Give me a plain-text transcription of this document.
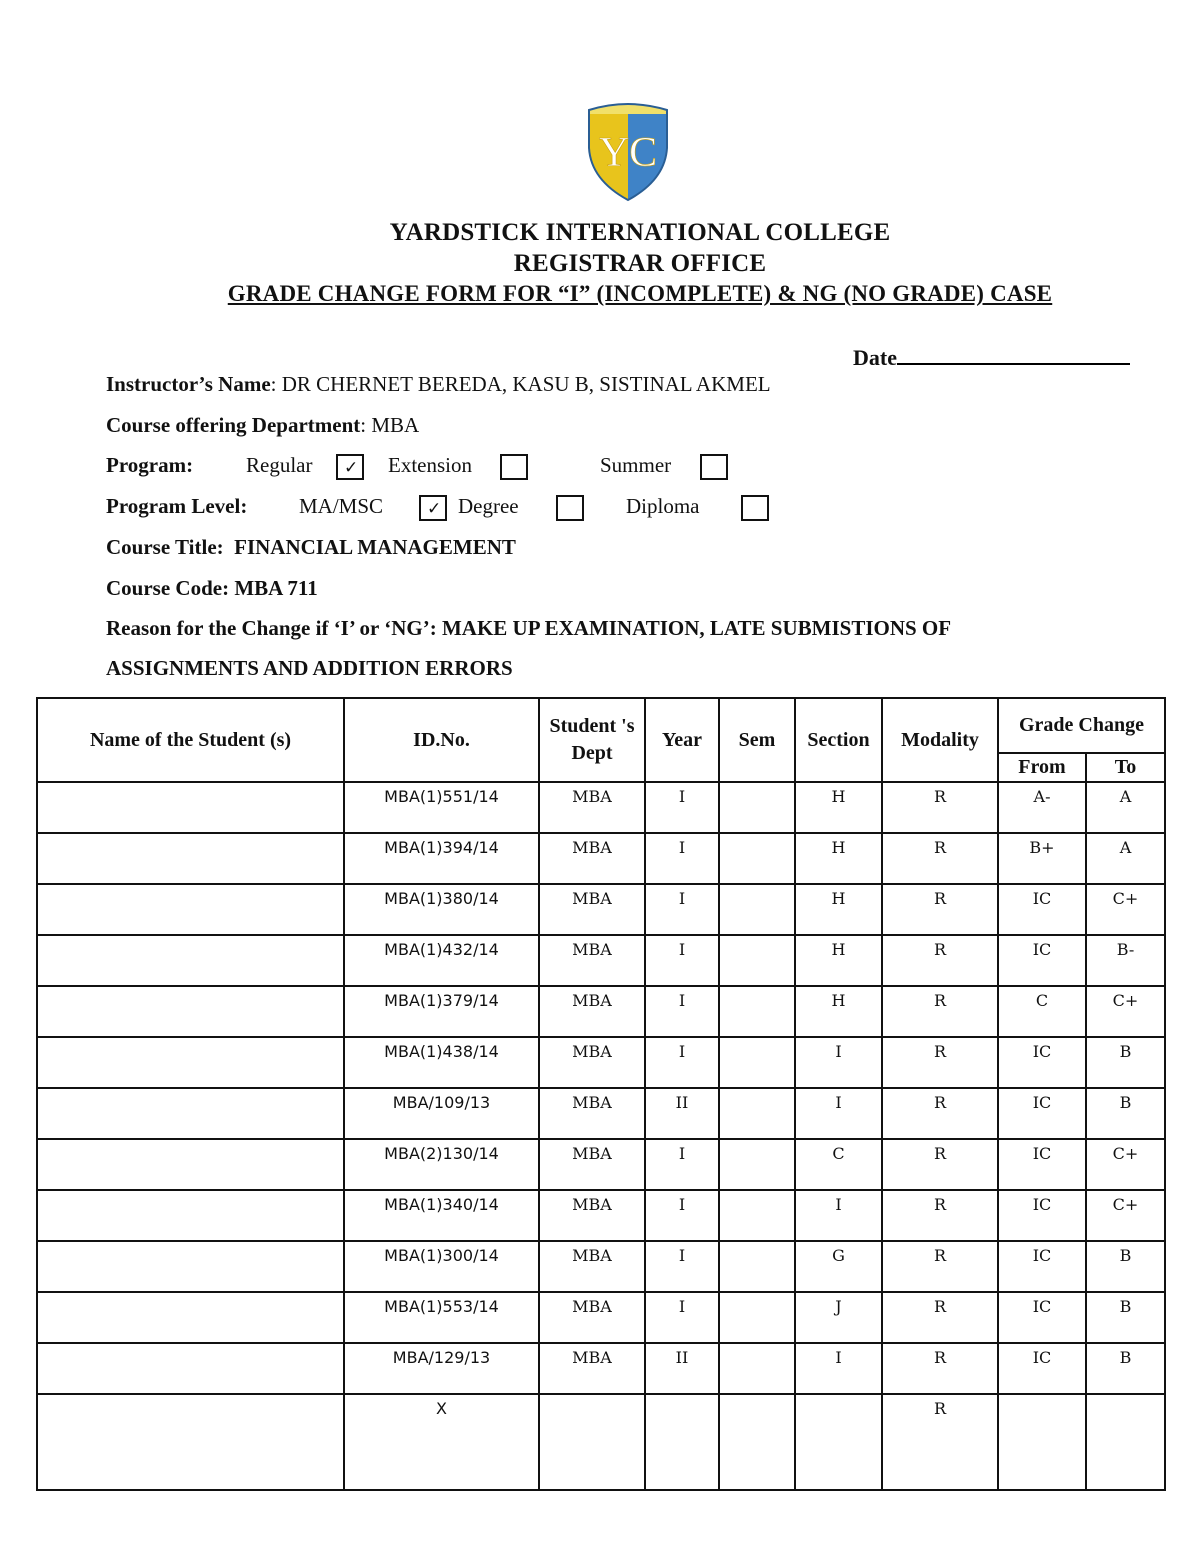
YC
YARDSTICK INTERNATIONAL COLLEGE
REGISTRAR OFFICE
GRADE CHANGE FORM FOR “I” (INCOMPLETE) & NG (NO GRADE) CASE
Date
Instructor’s Name: DR CHERNET BEREDA, KASU B, SISTINAL AKMEL
Course offering Department: MBA
Program:	Regular ✓ Extension	Summer
Program Level: MA/MSC	✓ Degree	Diploma
Course Title: FINANCIAL MANAGEMENT
Course Code: MBA 711
Reason for the Change if ‘I’ or ‘NG’: MAKE UP EXAMINATION, LATE SUBMISTIONS OF
ASSIGNMENTS AND ADDITION ERRORS
Name of the Student (s)	ID.No.	Student 's Dept	Year	Sem	Section	Modality	Grade Change	
							From	To
	MBA(1)551/14	MBA	I		H	R	A-	A
	MBA(1)394/14	MBA	I		H	R	B+	A
	MBA(1)380/14	MBA	I		H	R	IC	C+
	MBA(1)432/14	MBA	I		H	R	IC	B-
	MBA(1)379/14	MBA	I		H	R	C	C+
	MBA(1)438/14	MBA	I		I	R	IC	B
	MBA/109/13	MBA	II		I	R	IC	B
	MBA(2)130/14	MBA	I		C	R	IC	C+
	MBA(1)340/14	MBA	I		I	R	IC	C+
	MBA(1)300/14	MBA	I		G	R	IC	B
	MBA(1)553/14	MBA	I		J	R	IC	B
	MBA/129/13	MBA	II		I	R	IC	B
	X					R		
